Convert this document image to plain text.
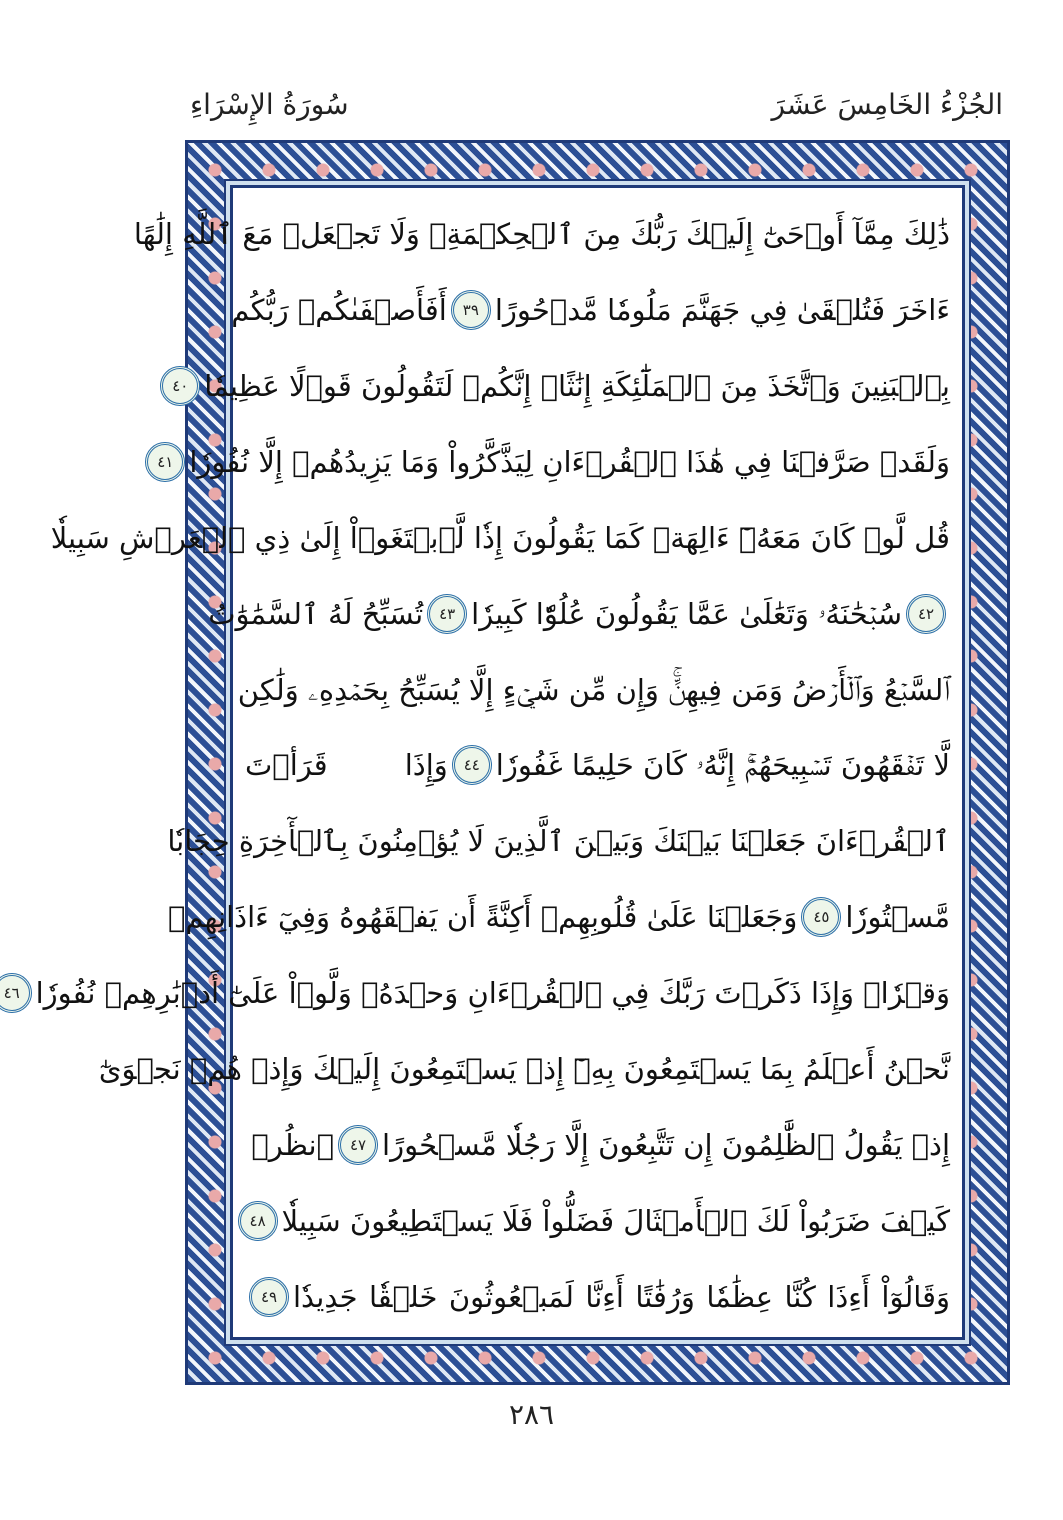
الجُزْءُ الخَامِسَ عَشَرَ
سُورَةُ الإِسْرَاءِ
ذَٰلِكَ مِمَّآ أَوۡحَىٰٓ إِلَيۡكَ رَبُّكَ مِنَ ٱلۡحِكۡمَةِۗ وَلَا تَجۡعَلۡ مَعَ ٱللَّهِ إِلَٰهًا
ءَاخَرَ فَتُلۡقَىٰ فِي جَهَنَّمَ مَلُومٗا مَّدۡحُورًا
٣٩
أَفَأَصۡفَىٰكُمۡ رَبُّكُم
بِٱلۡبَنِينَ وَٱتَّخَذَ مِنَ ٱلۡمَلَٰٓئِكَةِ إِنَٰثًاۚ إِنَّكُمۡ لَتَقُولُونَ قَوۡلًا عَظِيمٗا
٤٠
وَلَقَدۡ صَرَّفۡنَا فِي هَٰذَا ٱلۡقُرۡءَانِ لِيَذَّكَّرُواْ وَمَا يَزِيدُهُمۡ إِلَّا نُفُورٗا
٤١
قُل لَّوۡ كَانَ مَعَهُۥٓ ءَالِهَةٞ كَمَا يَقُولُونَ إِذٗا لَّٱبۡتَغَوۡاْ إِلَىٰ ذِي ٱلۡعَرۡشِ سَبِيلٗا
٤٢
سُبۡحَٰنَهُۥ وَتَعَٰلَىٰ عَمَّا يَقُولُونَ عُلُوّٗا كَبِيرٗا
٤٣
تُسَبِّحُ لَهُ ٱلسَّمَٰوَٰتُ
ٱلسَّبۡعُ وَٱلۡأَرۡضُ وَمَن فِيهِنَّۚ وَإِن مِّن شَيۡءٍ إِلَّا يُسَبِّحُ بِحَمۡدِهِۦ وَلَٰكِن
لَّا تَفۡقَهُونَ تَسۡبِيحَهُمۡۚ إِنَّهُۥ كَانَ حَلِيمًا غَفُورٗا
٤٤
وَإِذَا قَرَأۡتَ
ٱلۡقُرۡءَانَ جَعَلۡنَا بَيۡنَكَ وَبَيۡنَ ٱلَّذِينَ لَا يُؤۡمِنُونَ بِٱلۡأٓخِرَةِ حِجَابٗا
مَّسۡتُورٗا
٤٥
وَجَعَلۡنَا عَلَىٰ قُلُوبِهِمۡ أَكِنَّةً أَن يَفۡقَهُوهُ وَفِيٓ ءَاذَانِهِمۡ
وَقۡرٗاۚ وَإِذَا ذَكَرۡتَ رَبَّكَ فِي ٱلۡقُرۡءَانِ وَحۡدَهُۥ وَلَّوۡاْ عَلَىٰٓ أَدۡبَٰرِهِمۡ نُفُورٗا
٤٦
نَّحۡنُ أَعۡلَمُ بِمَا يَسۡتَمِعُونَ بِهِۦٓ إِذۡ يَسۡتَمِعُونَ إِلَيۡكَ وَإِذۡ هُمۡ نَجۡوَىٰٓ
إِذۡ يَقُولُ ٱلظَّٰلِمُونَ إِن تَتَّبِعُونَ إِلَّا رَجُلٗا مَّسۡحُورًا
٤٧
ٱنظُرۡ
كَيۡفَ ضَرَبُواْ لَكَ ٱلۡأَمۡثَالَ فَضَلُّواْ فَلَا يَسۡتَطِيعُونَ سَبِيلٗا
٤٨
وَقَالُوٓاْ أَءِذَا كُنَّا عِظَٰمٗا وَرُفَٰتًا أَءِنَّا لَمَبۡعُوثُونَ خَلۡقٗا جَدِيدٗا
٤٩
٢٨٦
